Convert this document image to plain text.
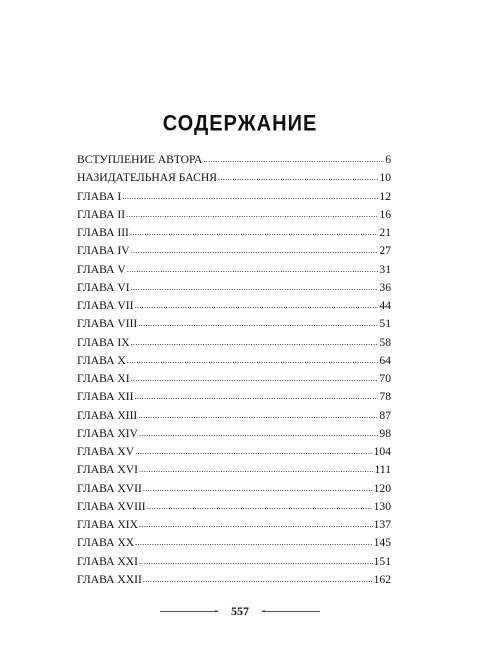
СОДЕРЖАНИЕ
ВСТУПЛЕНИЕ АВТОРА .....	6
НАЗИДАТЕЛЬНАЯ БАСНЯ .....	10
ГЛАВА I .....	12
ГЛАВА II .....	16
ГЛАВА III .....	21
ГЛАВА IV .....	27
ГЛАВА V .....	31
ГЛАВА VI .....	36
ГЛАВА VII .....	44
ГЛАВА VIII .....	51
ГЛАВА IX .....	58
ГЛАВА X .....	64
ГЛАВА XI .....	70
ГЛАВА XII .....	78
ГЛАВА XIII .....	87
ГЛАВА XIV .....	98
ГЛАВА XV .....	104
ГЛАВА XVI .....	111
ГЛАВА XVII .....	120
ГЛАВА XVIII .....	130
ГЛАВА XIX .....	137
ГЛАВА XX .....	145
ГЛАВА XXI .....	151
ГЛАВА XXII .....	162
557
